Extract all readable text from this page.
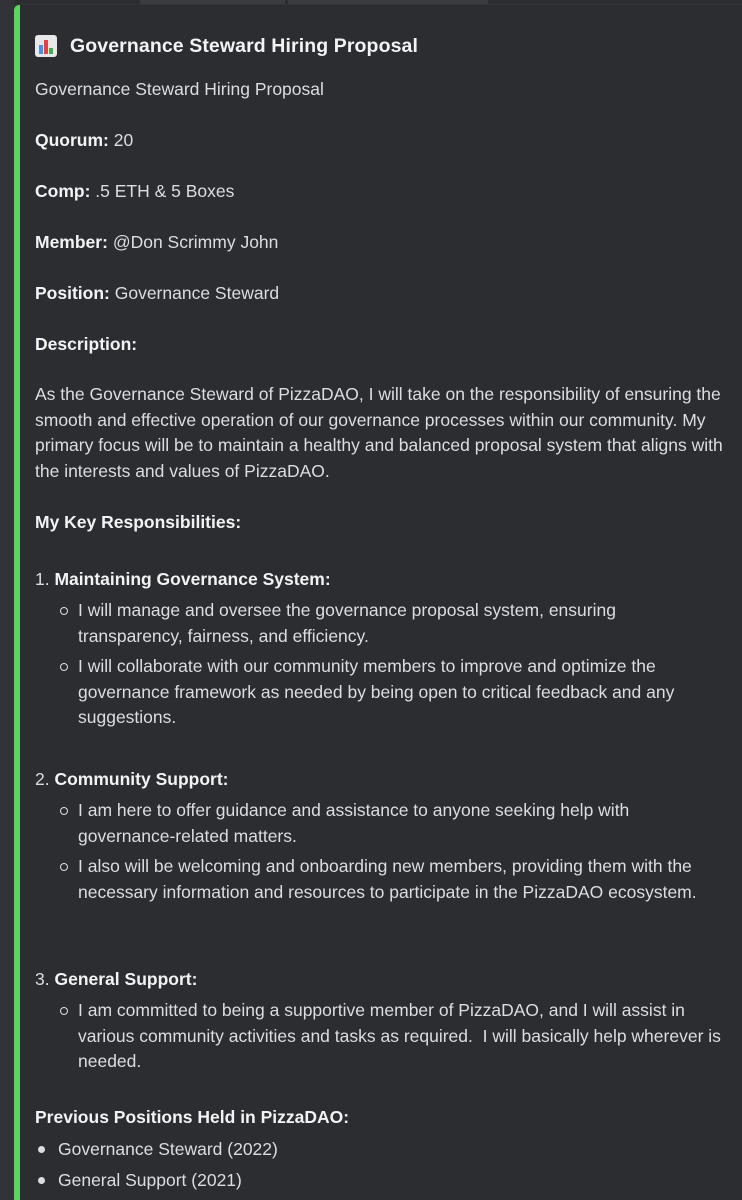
Governance Steward Hiring Proposal
Governance Steward Hiring Proposal
Quorum: 20
Comp: .5 ETH & 5 Boxes
Member: @Don Scrimmy John
Position: Governance Steward
Description:
As the Governance Steward of PizzaDAO, I will take on the responsibility of ensuring the smooth and effective operation of our governance processes within our community. My primary focus will be to maintain a healthy and balanced proposal system that aligns with the interests and values of PizzaDAO.
My Key Responsibilities:
1. Maintaining Governance System:
I will manage and oversee the governance proposal system, ensuring transparency, fairness, and efficiency.
I will collaborate with our community members to improve and optimize the governance framework as needed by being open to critical feedback and any suggestions.
2. Community Support:
I am here to offer guidance and assistance to anyone seeking help with governance-related matters.
I also will be welcoming and onboarding new members, providing them with the necessary information and resources to participate in the PizzaDAO ecosystem.
3. General Support:
I am committed to being a supportive member of PizzaDAO, and I will assist in various community activities and tasks as required.  I will basically help wherever is needed.
Previous Positions Held in PizzaDAO:
Governance Steward (2022)
General Support (2021)
